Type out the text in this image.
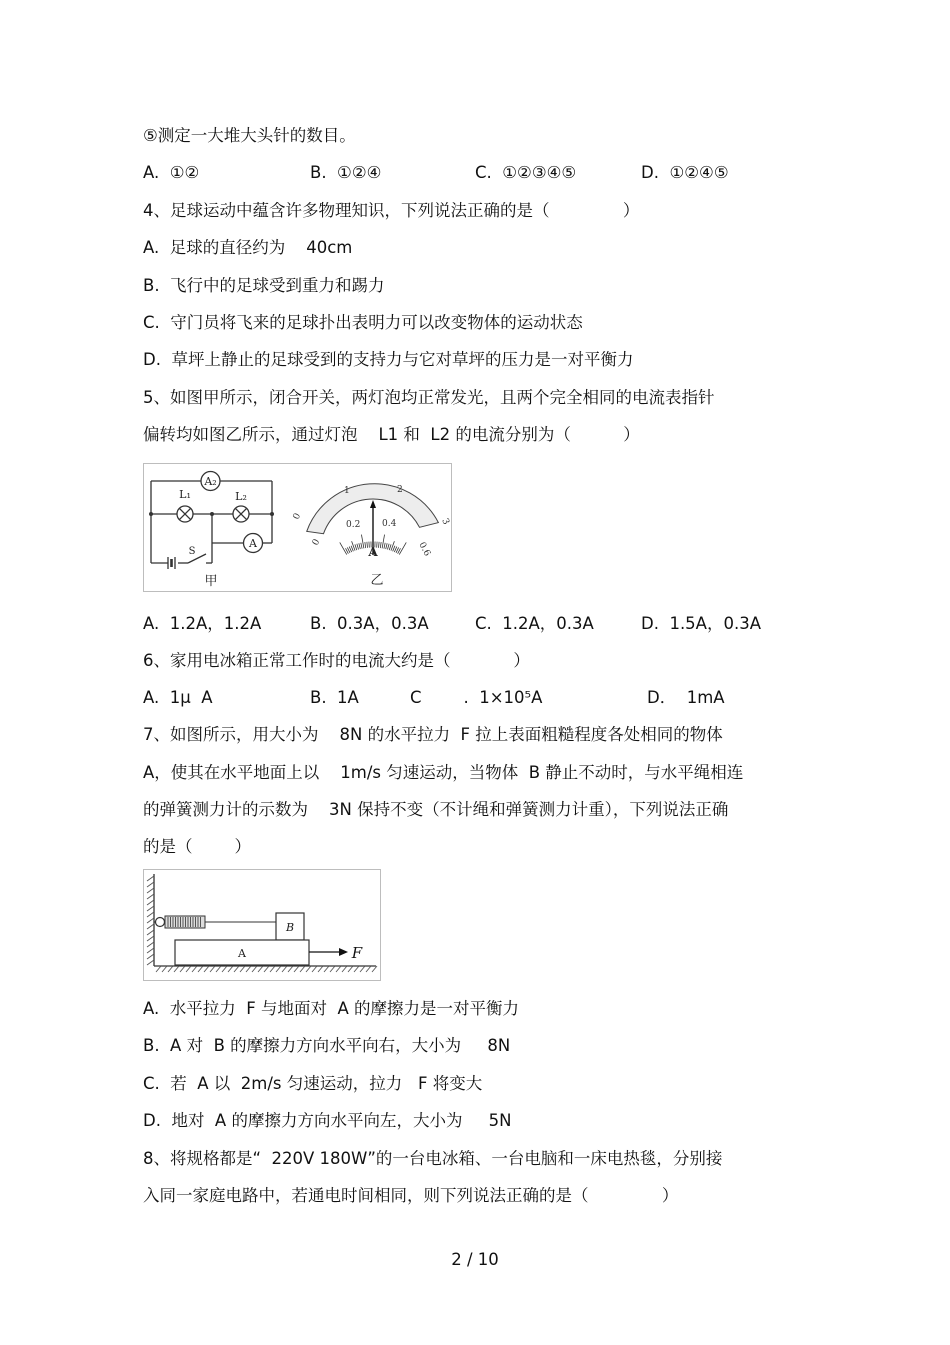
⑤测定一大堆大头针的数目。
A.  ①②	B.  ①②④	C.  ①②③④⑤	D.  ①②④⑤
4、足球运动中蕴含许多物理知识，下列说法正确的是（              ）
A.  足球的直径约为    40cm
B.  飞行中的足球受到重力和踢力
C.  守门员将飞来的足球扑出表明力可以改变物体的运动状态
D.  草坪上静止的足球受到的支持力与它对草坪的压力是一对平衡力
5、如图甲所示，闭合开关，两灯泡均正常发光，且两个完全相同的电流表指针
偏转均如图乙所示，通过灯泡    L1 和  L2 的电流分别为（          ）
A₂
A
L₁	L₂
S
甲
0
1	2
3
0
0.2 0.4
0.6
A
乙
A.  1.2A，1.2A	B.  0.3A，0.3A	C.  1.2A，0.3A	D.  1.5A，0.3A
6、家用电冰箱正常工作时的电流大约是（            ）
A.  1μ  A	B.  1A	C        .  1×10⁵A	D．  1mA
7、如图所示，用大小为    8N 的水平拉力  F 拉上表面粗糙程度各处相同的物体
A，使其在水平地面上以    1m/s 匀速运动，当物体  B 静止不动时，与水平绳相连
的弹簧测力计的示数为    3N 保持不变（不计绳和弹簧测力计重），下列说法正确
的是（        ）
B
A	F
A.  水平拉力  F 与地面对  A 的摩擦力是一对平衡力
B.  A 对  B 的摩擦力方向水平向右，大小为     8N
C.  若  A 以  2m/s 匀速运动，拉力   F 将变大
D.  地对  A 的摩擦力方向水平向左，大小为     5N
8、将规格都是“  220V 180W”的一台电冰箱、一台电脑和一床电热毯，分别接
入同一家庭电路中，若通电时间相同，则下列说法正确的是（              ）
2 / 10
